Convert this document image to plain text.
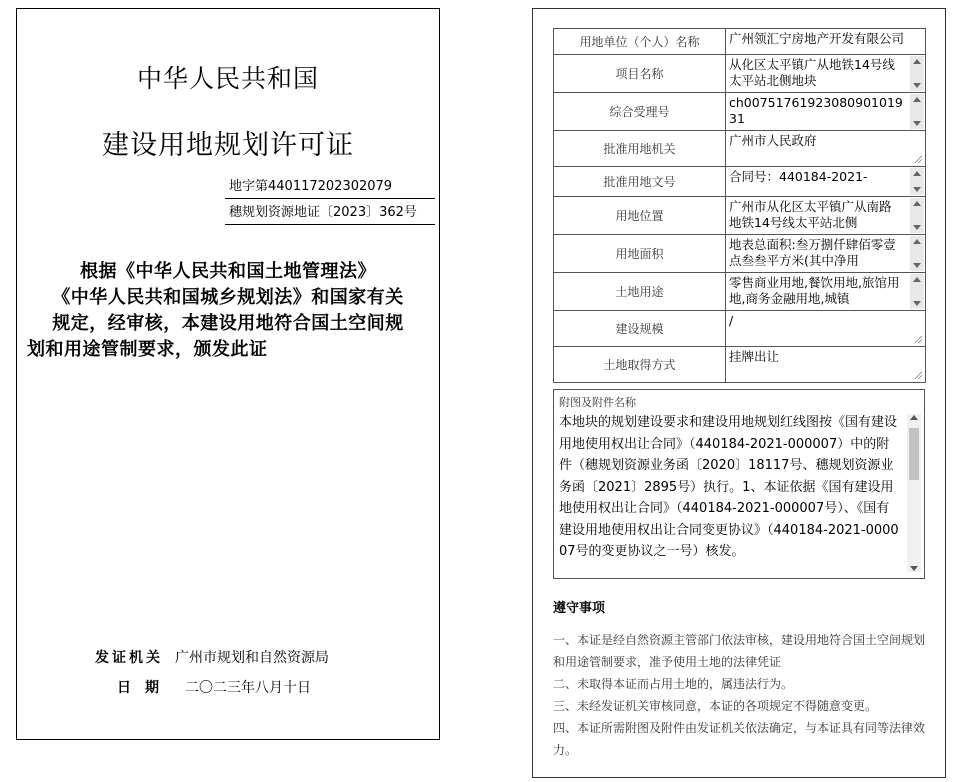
中华人民共和国
建设用地规划许可证
地字第440117202302079
穗规划资源地证〔2023〕362号
根据《中华人民共和国土地管理法》
《中华人民共和国城乡规划法》和国家有关
规定，经审核，本建设用地符合国土空间规
划和用途管制要求，颁发此证
发证机关 广州市规划和自然资源局
日期 二〇二三年八月十日
用地单位（个人）名称	广州领汇宁房地产开发有限公司

项目名称	从化区太平镇广从地铁14号线太平站北侧地块

综合受理号	ch007517619230809010193​1

批准用地机关	广州市人民政府

批准用地文号	合同号：440184-2021-

用地位置	广州市从化区太平镇广从南路地铁14号线太平站北侧

用地面积	地表总面积:叁万捌仟肆佰零壹点叁叁平方米(其中净用

土地用途	零售商业用地,餐饮用地,旅馆用地,商务金融用地,城镇

建设规模	/

土地取得方式	挂牌出让
附图及附件名称
本地块的规划建设要求和建设用地规划红线图按《国有建设用地使用权出让合同》（440184-2021-000007）中的附件（穗规划资源业务函〔2020〕18117号、穗规划资源业务函〔2021〕2895号）执行。1、本证依据《国有建设用地使用权出让合同》（440184-2021-000007号）、《国有建设用地使用权出让合同变更协议》（440184-2021-000007号的变更协议之一号）核发。
遵守事项
一、本证是经自然资源主管部门依法审核，建设用地符合国土空间规划和用途管制要求，准予使用土地的法律凭证
二、未取得本证而占用土地的，属违法行为。
三、未经发证机关审核同意，本证的各项规定不得随意变更。
四、本证所需附图及附件由发证机关依法确定，与本证具有同等法律效力。
